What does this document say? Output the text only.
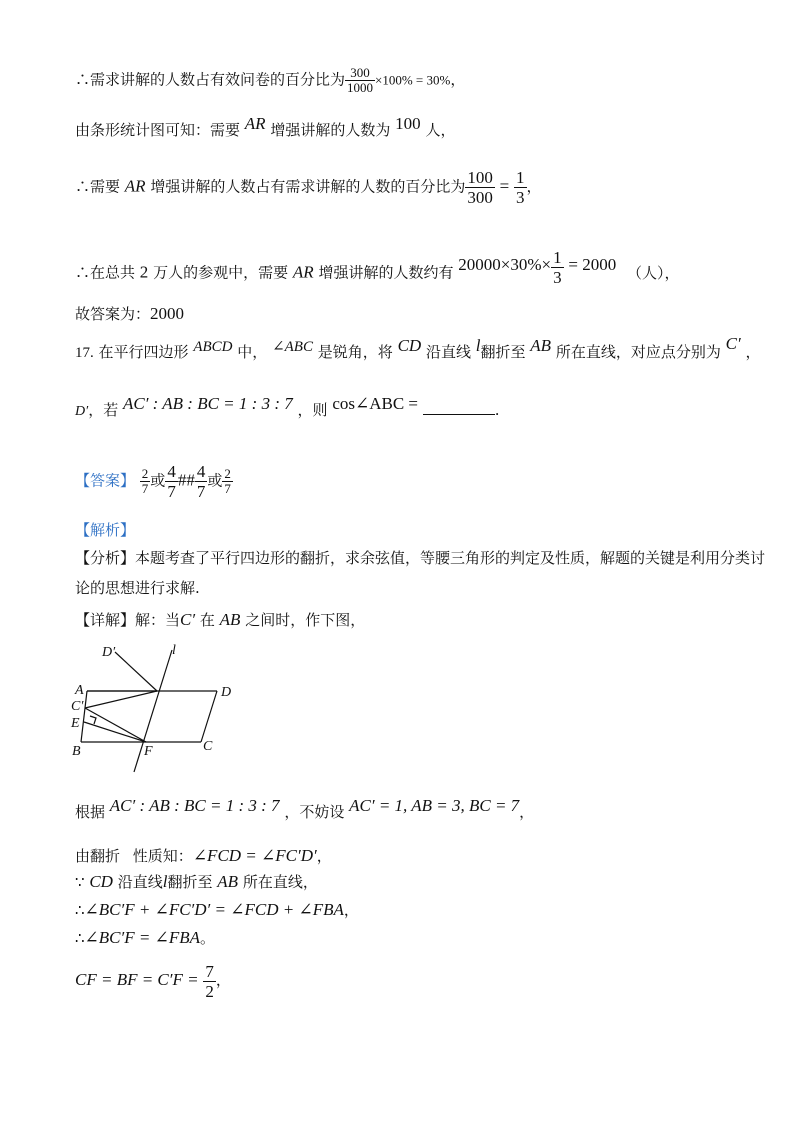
∴需求讲解的人数占有效问卷的百分比为 $\frac{300}{1000} \times 100\% = 30\%$，
由条形统计图可知：需要 AR 增强讲解的人数为 100 人，
∴需要 AR 增强讲解的人数占有需求讲解的人数的百分比为 $\frac{100}{300} = \frac{1}{3}$ ，
∴在总共 2 万人的参观中，需要 AR 增强讲解的人数约有 $20000\times 30\%\times \frac{1}{3} = 2000$ （人），
故答案为：2000
17. 在平行四边形 ABCD 中， ∠ABC 是锐角，将 CD 沿直线 l翻折至 AB 所在直线，对应点分别为 C′ ，
D′，若 AC′ : AB : BC = 1 : 3 : 7 ，则 cos∠ABC =	.
【答案】 $\frac{2}{7}$ 或 $\frac{4}{7}$ ## $\frac{4}{7}$ 或 $\frac{2}{7}$
【解析】
【分析】本题考查了平行四边形的翻折，求余弦值，等腰三角形的判定及性质，解题的关键是利用分类讨
论的思想进行求解.
【详解】解：当C′ 在 AB 之间时，作下图，
D′	l
A	D
C′
E
B	F	C
根据 AC′ : AB : BC = 1 : 3 : 7 ，不妨设 AC′ = 1, AB = 3, BC = 7，
由翻折 性质知：∠FCD = ∠FC′D′，
∵ CD 沿直线l翻折至 AB 所在直线，
∴∠BC′F + ∠FC′D′ = ∠FCD + ∠FBA，
∴∠BC′F = ∠FBA。
CF = BF = $C'F = \frac{7}{2}$ ，
